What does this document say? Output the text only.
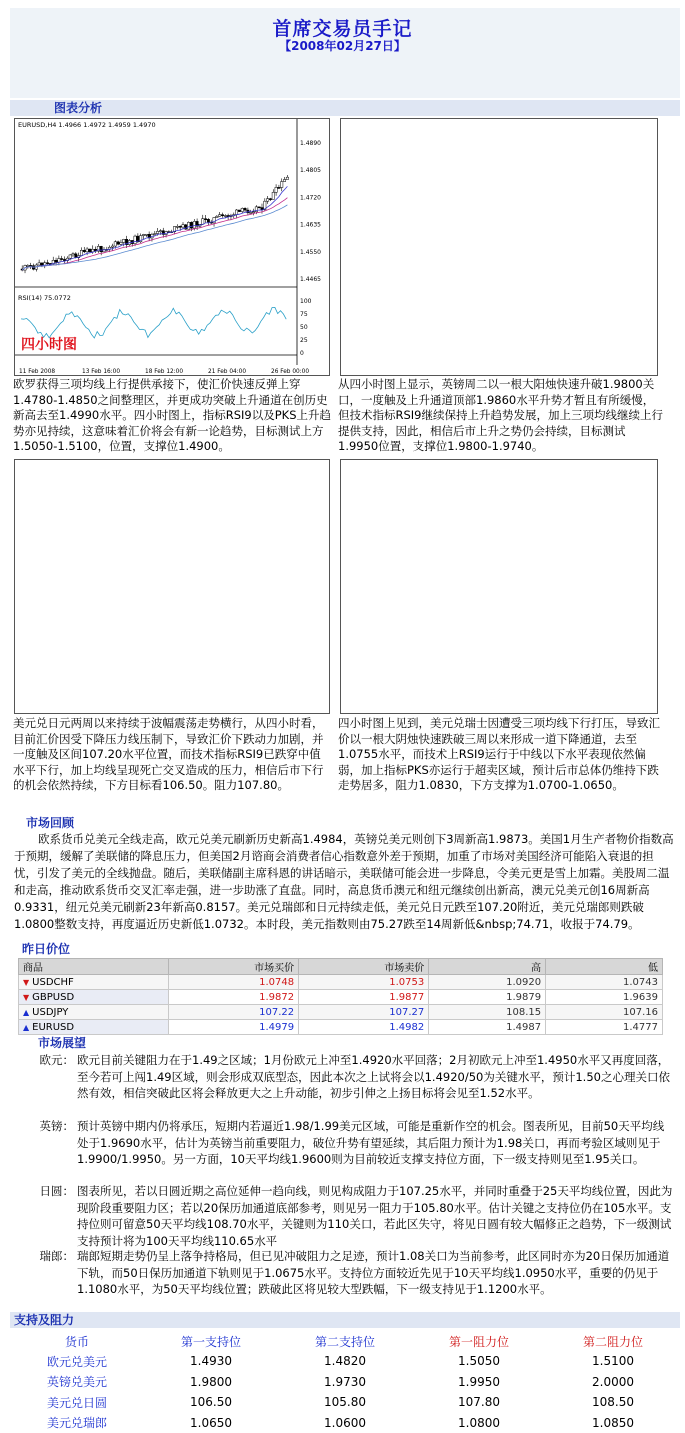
首席交易员手记
【2008年02月27日】
图表分析
EURUSD,H4 1.4966 1.4972 1.4959 1.4970
1.4890
1.4805
1.4720
1.4635
1.4550
1.4465
100
75
50
25
0
11 Feb 2008	13 Feb 16:00	18 Feb 12:00	21 Feb 04:00	26 Feb 00:00
RSI(14) 75.0772
四小时图
欧罗获得三项均线上行提供承接下，使汇价快速反弹上穿1.4780-1.4850之间整理区，并更成功突破上升通道在创历史新高去至1.4990水平。四小时图上，指标RSI9以及PKS上升趋势亦见持续，这意味着汇价将会有新一论趋势，目标测试上方1.5050-1.5100，位置，支撑位1.4900。
从四小时图上显示，英镑周二以一根大阳烛快速升破1.9800关口，一度触及上升通道顶部1.9860水平升势才暂且有所缓慢，但技术指标RSI9继续保持上升趋势发展，加上三项均线继续上行提供支持，因此，相信后市上升之势仍会持续，目标测试1.9950位置，支撑位1.9800-1.9740。
美元兑日元两周以来持续于波幅震荡走势横行，从四小时看，目前汇价因受下降压力线压制下，导致汇价下跌动力加剧，并一度触及区间107.20水平位置，而技术指标RSI9已跌穿中值水平下行，加上均线呈现死亡交叉造成的压力，相信后市下行的机会依然持续，下方目标看106.50。阻力107.80。
四小时图上见到，美元兑瑞士因遭受三项均线下行打压，导致汇价以一根大阴烛快速跌破三周以来形成一道下降通道，去至1.0755水平，而技术上RSI9运行于中线以下水平表现依然偏弱，加上指标PKS亦运行于超卖区域，预计后市总体仍维持下跌走势居多，阻力1.0830，下方支撑为1.0700-1.0650。
市场回顾
欧系货币兑美元全线走高，欧元兑美元刷新历史新高1.4984，英镑兑美元则创下3周新高1.9873。美国1月生产者物价指数高于预期，缓解了美联储的降息压力，但美国2月谘商会消费者信心指数意外差于预期，加重了市场对美国经济可能陷入衰退的担忧，引发了美元的全线抛盘。随后，美联储副主席科恩的讲话暗示，美联储可能会进一步降息，令美元更是雪上加霜。美股周二温和走高，推动欧系货币交叉汇率走强，进一步助涨了直盘。同时，高息货币澳元和纽元继续创出新高，澳元兑美元创16周新高0.9331，纽元兑美元刷新23年新高0.8157。美元兑瑞郎和日元持续走低，美元兑日元跌至107.20附近，美元兑瑞郎则跌破1.0800整数支持，再度逼近历史新低1.0732。本时段，美元指数则由75.27跌至14周新低&nbsp;74.71，收报于74.79。
昨日价位
商品	市场买价	市场卖价	高	低
▼ USDCHF	1.0748	1.0753	1.0920	1.0743
▼ GBPUSD	1.9872	1.9877	1.9879	1.9639
▲ USDJPY	107.22	107.27	108.15	107.16
▲ EURUSD	1.4979	1.4982	1.4987	1.4777
市场展望
欧元： 欧元目前关键阻力在于1.49之区域；1月份欧元上冲至1.4920水平回落；2月初欧元上冲至1.4950水平又再度回落，至今若可上闯1.49区域，则会形成双底型态，因此本次之上试将会以1.4920/50为关键水平，预计1.50之心理关口依然有效，相信突破此区将会释放更大之上升动能，初步引伸之上扬目标将会见至1.52水平。
英镑： 预计英镑中期内仍将承压，短期内若逼近1.98/1.99美元区域，可能是重新作空的机会。图表所见，目前50天平均线处于1.9690水平，估计为英镑当前重要阻力，破位升势有望延续，其后阻力预计为1.98关口，再而考验区域则见于1.9900/1.9950。另一方面，10天平均线1.9600则为目前较近支撑支持位方面，下一级支持则见至1.95关口。
日圆： 图表所见，若以日圆近期之高位延伸一趋向线，则见构成阻力于107.25水平，并同时重叠于25天平均线位置，因此为现阶段重要阻力区；若以20保历加通道底部参考，则见另一阻力于105.80水平。估计关键之支持位仍在105水平。支持位则可留意50天平均线108.70水平，关键则为110关口，若此区失守，将见日圆有较大幅修正之趋势，下一级测试支持预计将为100天平均线110.65水平
瑞郎： 瑞郎短期走势仍呈上落争持格局，但已见冲破阻力之足迹，预计1.08关口为当前参考，此区同时亦为20日保历加通道下轨，而50日保历加通道下轨则见于1.0675水平。支持位方面较近先见于10天平均线1.0950水平，重要的仍见于1.1080水平，为50天平均线位置；跌破此区将见较大型跌幅，下一级支持见于1.1200水平。
支持及阻力
货币	第一支持位	第二支持位	第一阻力位	第二阻力位
欧元兑美元	1.4930	1.4820	1.5050	1.5100
英镑兑美元	1.9800	1.9730	1.9950	2.0000
美元兑日圆	106.50	105.80	107.80	108.50
美元兑瑞郎	1.0650	1.0600	1.0800	1.0850
